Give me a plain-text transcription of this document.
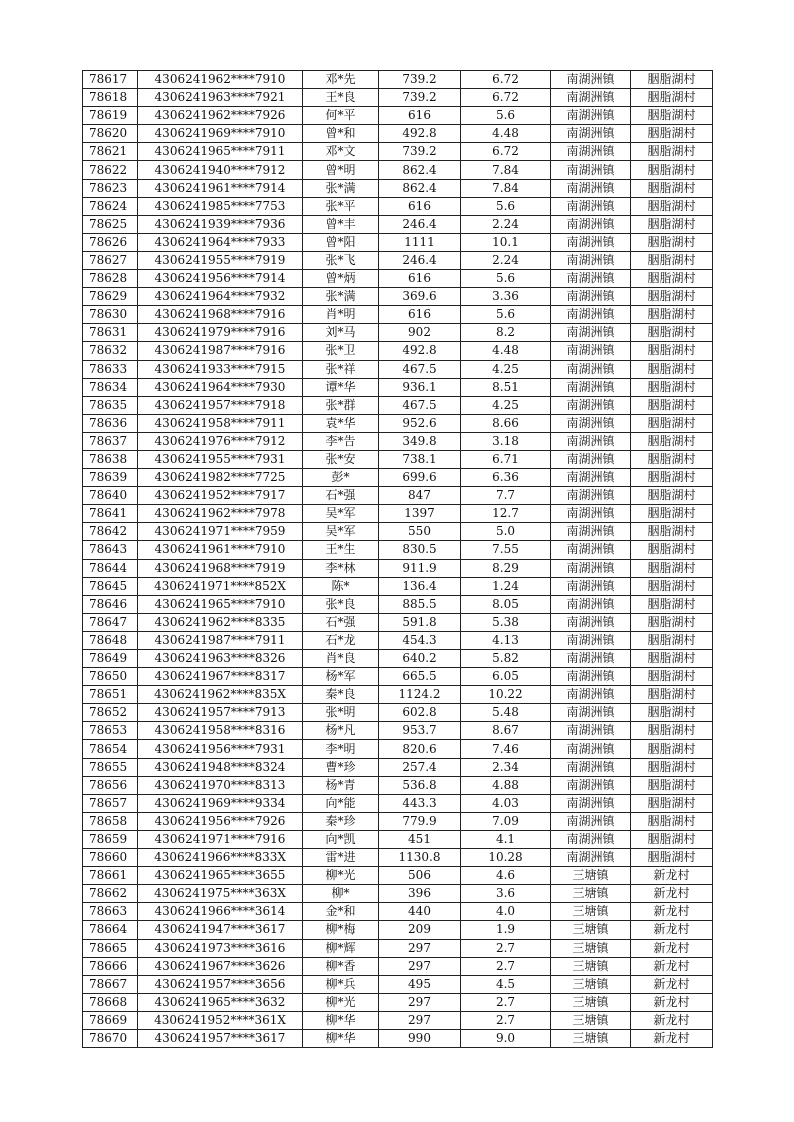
78617	4306241962****7910	邓*先	739.2	6.72	南湖洲镇	胭脂湖村
78618	4306241963****7921	王*良	739.2	6.72	南湖洲镇	胭脂湖村
78619	4306241962****7926	何*平	616	5.6	南湖洲镇	胭脂湖村
78620	4306241969****7910	曾*和	492.8	4.48	南湖洲镇	胭脂湖村
78621	4306241965****7911	邓*文	739.2	6.72	南湖洲镇	胭脂湖村
78622	4306241940****7912	曾*明	862.4	7.84	南湖洲镇	胭脂湖村
78623	4306241961****7914	张*满	862.4	7.84	南湖洲镇	胭脂湖村
78624	4306241985****7753	张*平	616	5.6	南湖洲镇	胭脂湖村
78625	4306241939****7936	曾*丰	246.4	2.24	南湖洲镇	胭脂湖村
78626	4306241964****7933	曾*阳	1111	10.1	南湖洲镇	胭脂湖村
78627	4306241955****7919	张*飞	246.4	2.24	南湖洲镇	胭脂湖村
78628	4306241956****7914	曾*炳	616	5.6	南湖洲镇	胭脂湖村
78629	4306241964****7932	张*满	369.6	3.36	南湖洲镇	胭脂湖村
78630	4306241968****7916	肖*明	616	5.6	南湖洲镇	胭脂湖村
78631	4306241979****7916	刘*马	902	8.2	南湖洲镇	胭脂湖村
78632	4306241987****7916	张*卫	492.8	4.48	南湖洲镇	胭脂湖村
78633	4306241933****7915	张*祥	467.5	4.25	南湖洲镇	胭脂湖村
78634	4306241964****7930	谭*华	936.1	8.51	南湖洲镇	胭脂湖村
78635	4306241957****7918	张*群	467.5	4.25	南湖洲镇	胭脂湖村
78636	4306241958****7911	袁*华	952.6	8.66	南湖洲镇	胭脂湖村
78637	4306241976****7912	李*告	349.8	3.18	南湖洲镇	胭脂湖村
78638	4306241955****7931	张*安	738.1	6.71	南湖洲镇	胭脂湖村
78639	4306241982****7725	彭*	699.6	6.36	南湖洲镇	胭脂湖村
78640	4306241952****7917	石*强	847	7.7	南湖洲镇	胭脂湖村
78641	4306241962****7978	吴*军	1397	12.7	南湖洲镇	胭脂湖村
78642	4306241971****7959	吴*军	550	5.0	南湖洲镇	胭脂湖村
78643	4306241961****7910	王*生	830.5	7.55	南湖洲镇	胭脂湖村
78644	4306241968****7919	李*林	911.9	8.29	南湖洲镇	胭脂湖村
78645	4306241971****852X	陈*	136.4	1.24	南湖洲镇	胭脂湖村
78646	4306241965****7910	张*良	885.5	8.05	南湖洲镇	胭脂湖村
78647	4306241962****8335	石*强	591.8	5.38	南湖洲镇	胭脂湖村
78648	4306241987****7911	石*龙	454.3	4.13	南湖洲镇	胭脂湖村
78649	4306241963****8326	肖*良	640.2	5.82	南湖洲镇	胭脂湖村
78650	4306241967****8317	杨*军	665.5	6.05	南湖洲镇	胭脂湖村
78651	4306241962****835X	秦*良	1124.2	10.22	南湖洲镇	胭脂湖村
78652	4306241957****7913	张*明	602.8	5.48	南湖洲镇	胭脂湖村
78653	4306241958****8316	杨*凡	953.7	8.67	南湖洲镇	胭脂湖村
78654	4306241956****7931	李*明	820.6	7.46	南湖洲镇	胭脂湖村
78655	4306241948****8324	曹*珍	257.4	2.34	南湖洲镇	胭脂湖村
78656	4306241970****8313	杨*青	536.8	4.88	南湖洲镇	胭脂湖村
78657	4306241969****9334	向*能	443.3	4.03	南湖洲镇	胭脂湖村
78658	4306241956****7926	秦*珍	779.9	7.09	南湖洲镇	胭脂湖村
78659	4306241971****7916	向*凯	451	4.1	南湖洲镇	胭脂湖村
78660	4306241966****833X	雷*进	1130.8	10.28	南湖洲镇	胭脂湖村
78661	4306241965****3655	柳*光	506	4.6	三塘镇	新龙村
78662	4306241975****363X	柳*	396	3.6	三塘镇	新龙村
78663	4306241966****3614	金*和	440	4.0	三塘镇	新龙村
78664	4306241947****3617	柳*梅	209	1.9	三塘镇	新龙村
78665	4306241973****3616	柳*辉	297	2.7	三塘镇	新龙村
78666	4306241967****3626	柳*香	297	2.7	三塘镇	新龙村
78667	4306241957****3656	柳*兵	495	4.5	三塘镇	新龙村
78668	4306241965****3632	柳*光	297	2.7	三塘镇	新龙村
78669	4306241952****361X	柳*华	297	2.7	三塘镇	新龙村
78670	4306241957****3617	柳*华	990	9.0	三塘镇	新龙村
